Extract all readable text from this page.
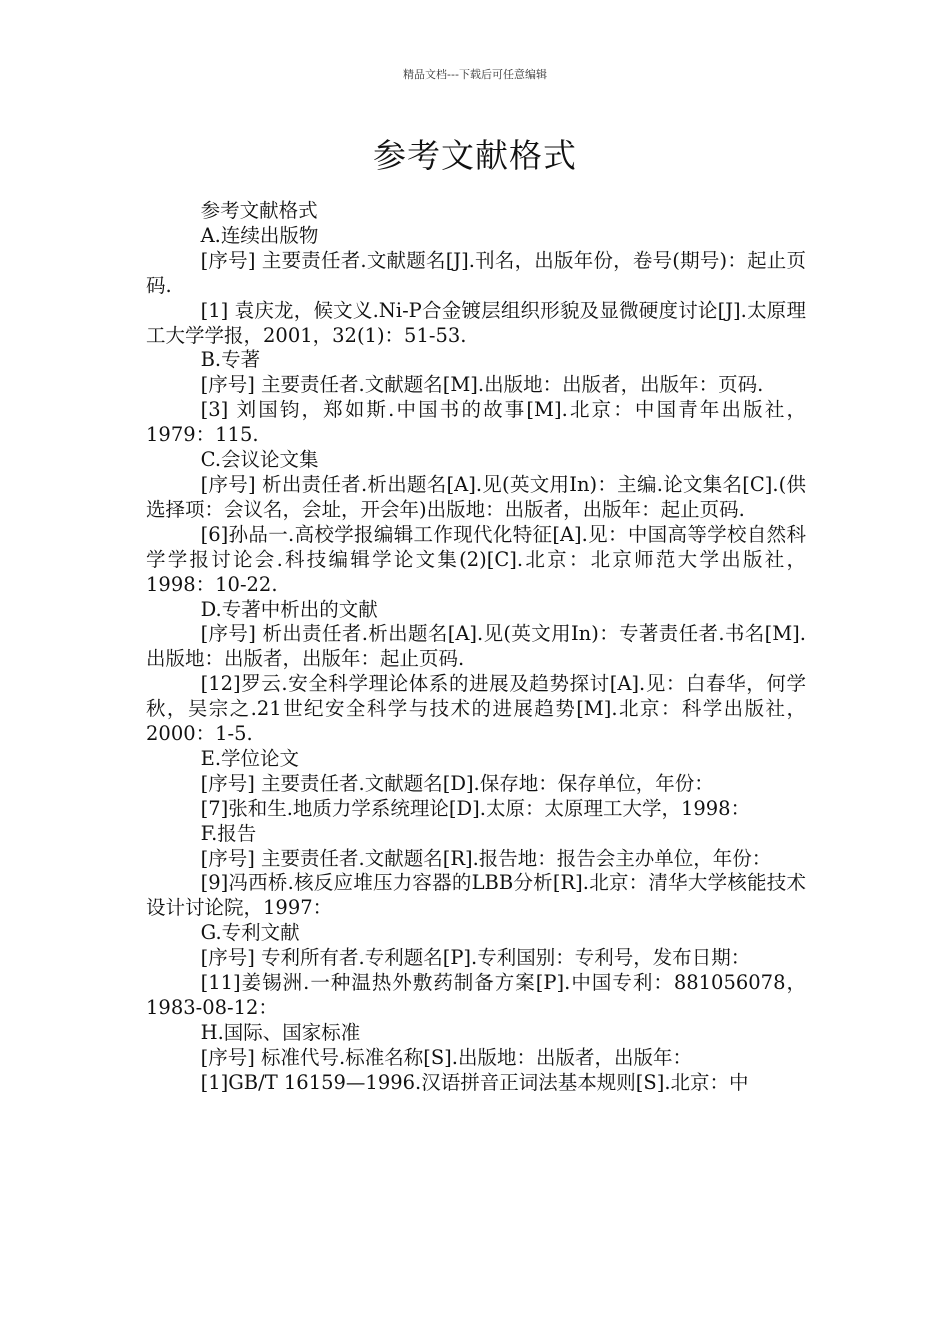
精品文档---下载后可任意编辑
参考文献格式

参考文献格式

A.连续出版物

[序号] 主要责任者.文献题名[J].刊名，出版年份，卷号(期号)：起止页码.

[1] 袁庆龙，候文义.Ni-P合金镀层组织形貌及显微硬度讨论[J].太原理工大学学报，2001，32(1)：51-53.

B.专著

[序号] 主要责任者.文献题名[M].出版地：出版者，出版年：页码.

[3] 刘国钧，郑如斯.中国书的故事[M].北京：中国青年出版社，1979：115.

C.会议论文集

[序号] 析出责任者.析出题名[A].见(英文用In)：主编.论文集名[C].(供选择项：会议名，会址，开会年)出版地：出版者，出版年：起止页码.

[6]孙品一.高校学报编辑工作现代化特征[A].见：中国高等学校自然科学学报讨论会.科技编辑学论文集(2)[C].北京：北京师范大学出版社，1998：10-22.

D.专著中析出的文献

[序号] 析出责任者.析出题名[A].见(英文用In)：专著责任者.书名[M].出版地：出版者，出版年：起止页码.

[12]罗云.安全科学理论体系的进展及趋势探讨[A].见：白春华，何学秋，吴宗之.21世纪安全科学与技术的进展趋势[M].北京：科学出版社，2000：1-5.

E.学位论文

[序号] 主要责任者.文献题名[D].保存地：保存单位，年份：

[7]张和生.地质力学系统理论[D].太原：太原理工大学，1998：

F.报告

[序号] 主要责任者.文献题名[R].报告地：报告会主办单位，年份：

[9]冯西桥.核反应堆压力容器的LBB分析[R].北京：清华大学核能技术设计讨论院，1997：

G.专利文献

[序号] 专利所有者.专利题名[P].专利国别：专利号，发布日期：

[11]姜锡洲.一种温热外敷药制备方案[P].中国专利：881056078，1983-08-12：

H.国际、国家标准

[序号] 标准代号.标准名称[S].出版地：出版者，出版年：

[1]GB/T 16159—1996.汉语拼音正词法基本规则[S].北京：中
